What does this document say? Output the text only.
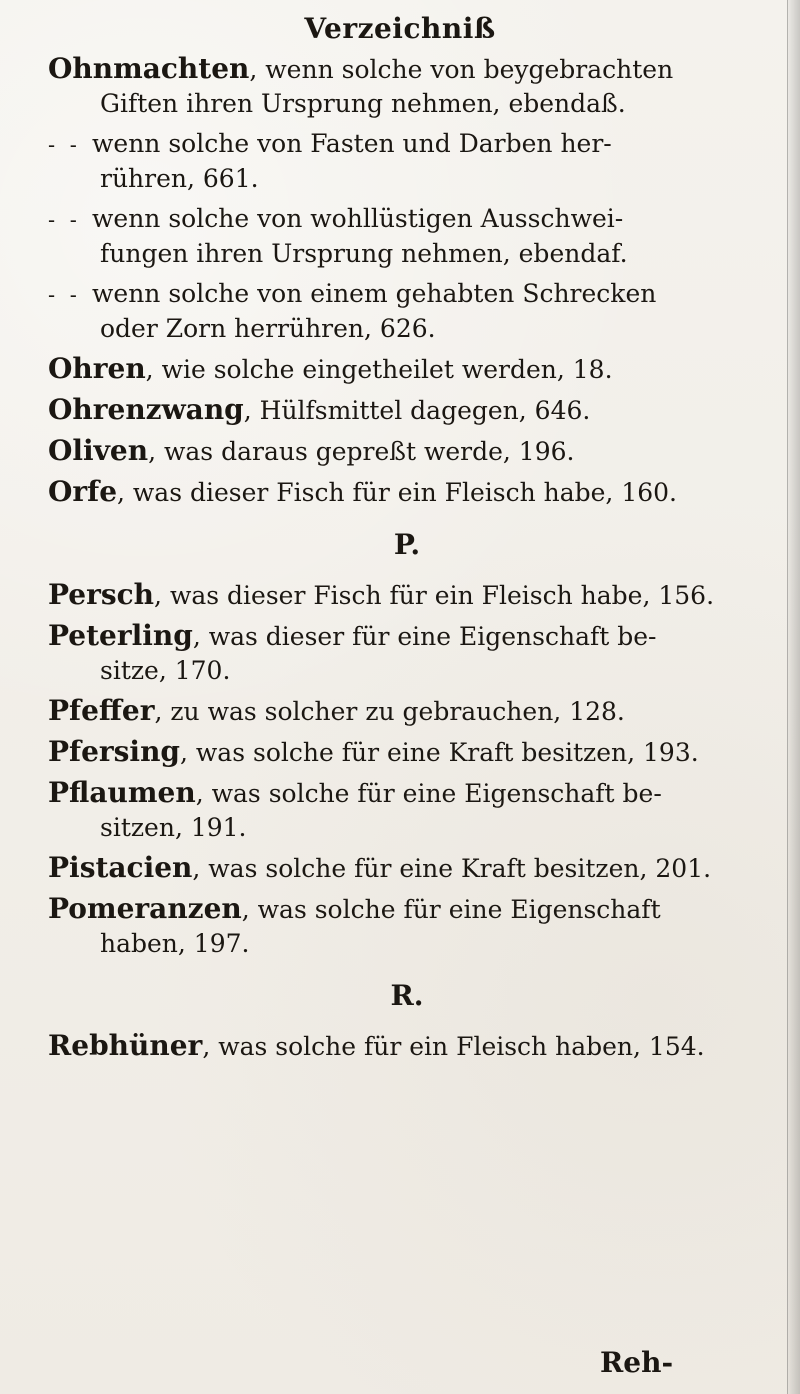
Verzeichniß
Ohnmachten, wenn solche von beygebrachten
Giften ihren Ursprung nehmen, ebendaß.
- - wenn solche von Fasten und Darben her-
rühren, 661.
- - wenn solche von wohllüstigen Ausschwei-
fungen ihren Ursprung nehmen, ebendaf.
- - wenn solche von einem gehabten Schrecken
oder Zorn herrühren, 626.
Ohren, wie solche eingetheilet werden, 18.
Ohrenzwang, Hülfsmittel dagegen, 646.
Oliven, was daraus gepreßt werde, 196.
Orfe, was dieser Fisch für ein Fleisch habe, 160.
P.
Persch, was dieser Fisch für ein Fleisch habe, 156.
Peterling, was dieser für eine Eigenschaft be-
sitze, 170.
Pfeffer, zu was solcher zu gebrauchen, 128.
Pfersing, was solche für eine Kraft besitzen, 193.
Pflaumen, was solche für eine Eigenschaft be-
sitzen, 191.
Pistacien, was solche für eine Kraft besitzen, 201.
Pomeranzen, was solche für eine Eigenschaft
haben, 197.
R.
Rebhüner, was solche für ein Fleisch haben, 154.
Reh-
